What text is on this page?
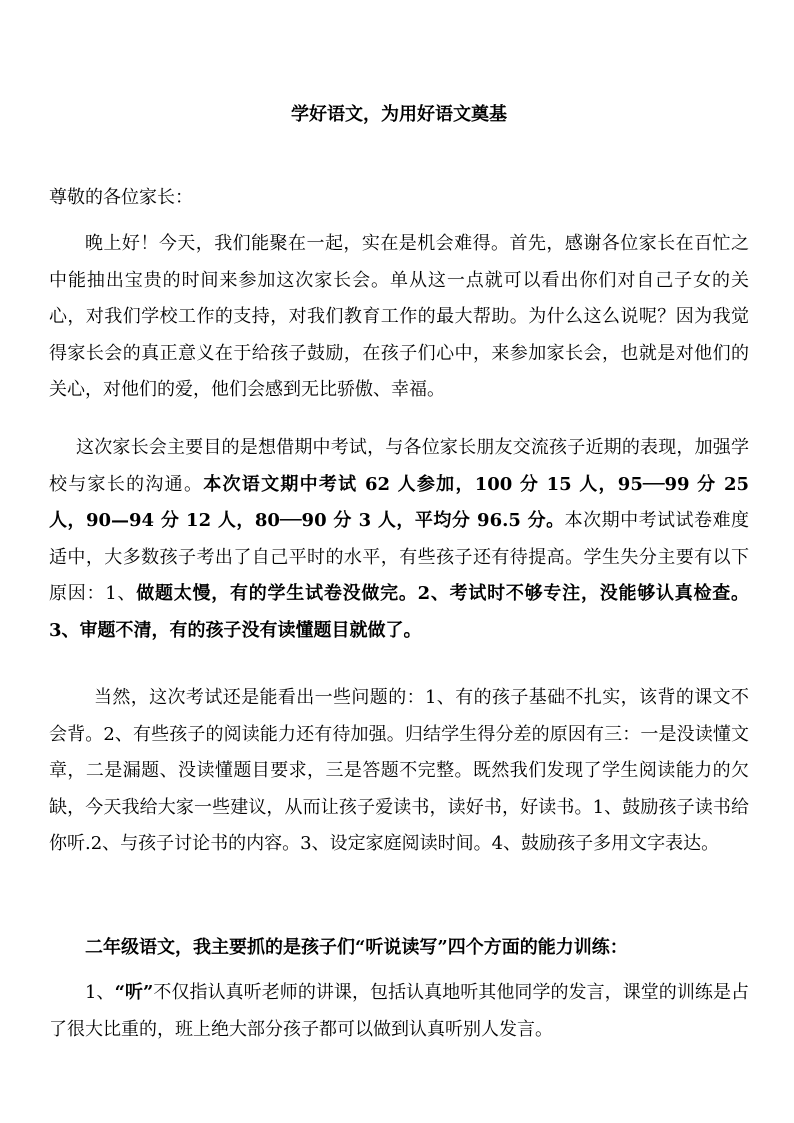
学好语文，为用好语文奠基

尊敬的各位家长：

晚上好！今天，我们能聚在一起，实在是机会难得。首先，感谢各位家长在百忙之中能抽出宝贵的时间来参加这次家长会。单从这一点就可以看出你们对自己子女的关心，对我们学校工作的支持，对我们教育工作的最大帮助。为什么这么说呢？因为我觉得家长会的真正意义在于给孩子鼓励，在孩子们心中，来参加家长会，也就是对他们的关心，对他们的爱，他们会感到无比骄傲、幸福。

这次家长会主要目的是想借期中考试，与各位家长朋友交流孩子近期的表现，加强学校与家长的沟通。本次语文期中考试 62 人参加，100 分 15 人，95──99 分 25 人，90—94 分 12 人，80──90 分 3 人，平均分 96.5 分。本次期中考试试卷难度适中，大多数孩子考出了自己平时的水平，有些孩子还有待提高。学生失分主要有以下原因：1、做题太慢，有的学生试卷没做完。2、考试时不够专注，没能够认真检查。3、审题不清，有的孩子没有读懂题目就做了。

当然，这次考试还是能看出一些问题的：1、有的孩子基础不扎实，该背的课文不会背。2、有些孩子的阅读能力还有待加强。归结学生得分差的原因有三：一是没读懂文章，二是漏题、没读懂题目要求，三是答题不完整。既然我们发现了学生阅读能力的欠缺，今天我给大家一些建议，从而让孩子爱读书，读好书，好读书。1、鼓励孩子读书给你听.2、与孩子讨论书的内容。3、设定家庭阅读时间。4、鼓励孩子多用文字表达。

二年级语文，我主要抓的是孩子们“听说读写”四个方面的能力训练：

1、“听”不仅指认真听老师的讲课，包括认真地听其他同学的发言，课堂的训练是占了很大比重的，班上绝大部分孩子都可以做到认真听别人发言。
